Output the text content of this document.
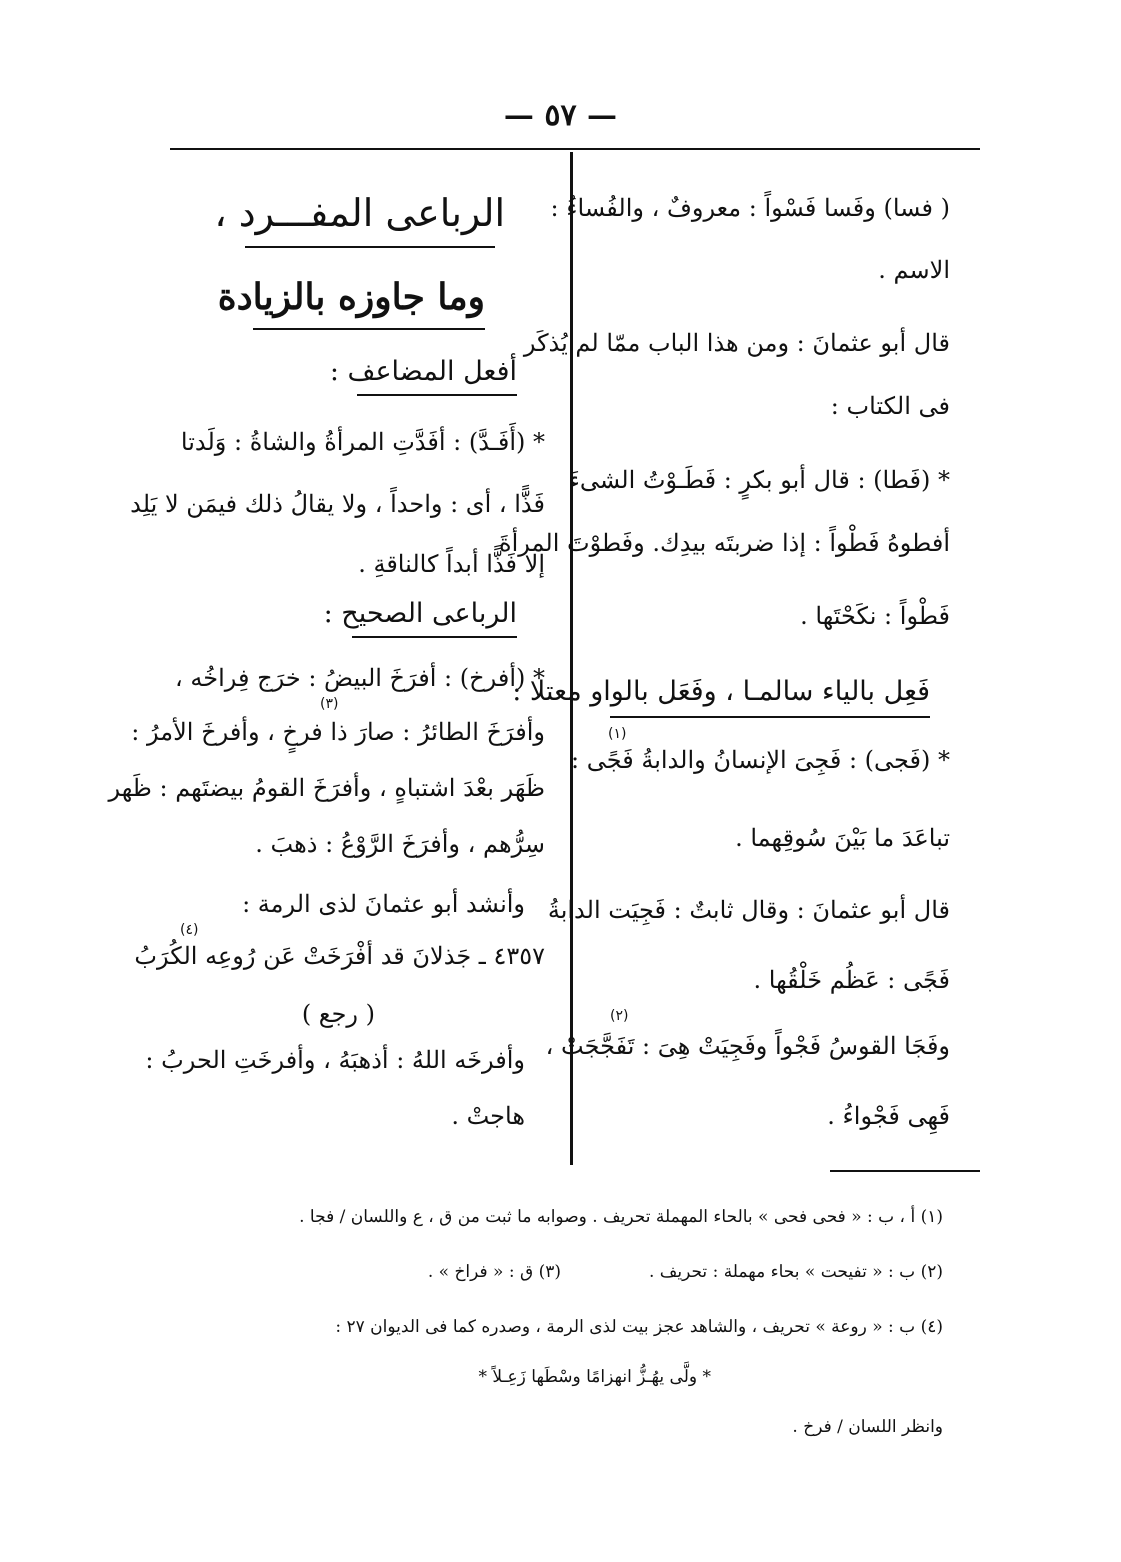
— ٥٧ —
( فسا) وفَسا فَسْواً : معروفٌ ، والفُساءُ :
الاسم .
قال أبو عثمانَ : ومن هذا الباب ممّا لم يُذكَر
فى الكتاب :
* (فَطا) : قال أبو بكرٍ : فَطَـوْتُ الشىءَ
أفطوهُ فَطْواً : إذا ضربتَه بيدِك. وفَطوْتَ المرأةَ
فَطْواً : نكَحْتَها .
فَعِل بالياء سالمـا ، وفَعَل بالواو معتلا :
(١)
* (فَجى) : فَجِىَ الإنسانُ والدابةُ فَجًى :
تباعَدَ ما بَيْنَ سُوقِهما .
قال أبو عثمانَ : وقال ثابتٌ : فَجِيَت الدابةُ
فَجًى : عَظُم خَلْقُها .
(٢)
وفَجَا القوسُ فَجْواً وفَجِيَتْ هِىَ : تَفَجَّجَتْ ،
فَهِى فَجْواءُ .
الرباعى المفـــرد ،
وما جاوزه بالزيادة
أفعل المضاعف :
* (أَفَـدَّ) : أفَدَّتِ المرأةُ والشاةُ : وَلَدتا
فَذًّا ، أى : واحداً ، ولا يقالُ ذلك فيمَن لا يَلِد
إلا فَذًّا أبداً كالناقةِ .
الرباعى الصحيح :
* (أفرخ) : أفرَخَ البيضُ : خرَج فِراخُه ،
(٣)
وأفرَخَ الطائرُ : صارَ ذا فرخٍ ، وأفرخَ الأمرُ :
ظَهَر بعْدَ اشتباهٍ ، وأفرَخَ القومُ بيضتَهم : ظَهر
سِرُّهم ، وأفرَخَ الرَّوْعُ : ذهبَ .
وأنشد أبو عثمانَ لذى الرمة :
(٤)
٤٣٥٧ ـ جَذلانَ قد أفْرَخَتْ عَن رُوعِه الكُرَبُ
( رجع )
وأفرخَه اللهُ : أذهبَهُ ، وأفرخَتِ الحربُ :
هاجتْ .
(١) أ ، ب : « فحى فحى » بالحاء المهملة تحريف . وصوابه ما ثبت من ق ، ع واللسان / فجا .
(٢) ب : « تفيحت » بحاء مهملة : تحريف .
(٣) ق : « فراخ » .
(٤) ب : « روعة » تحريف ، والشاهد عجز بيت لذى الرمة ، وصدره كما فى الديوان ٢٧ :
* ولَّى يهُـزُّ انهزامًا وسْطَها زَعِـلاً *
وانظر اللسان / فرخ .
